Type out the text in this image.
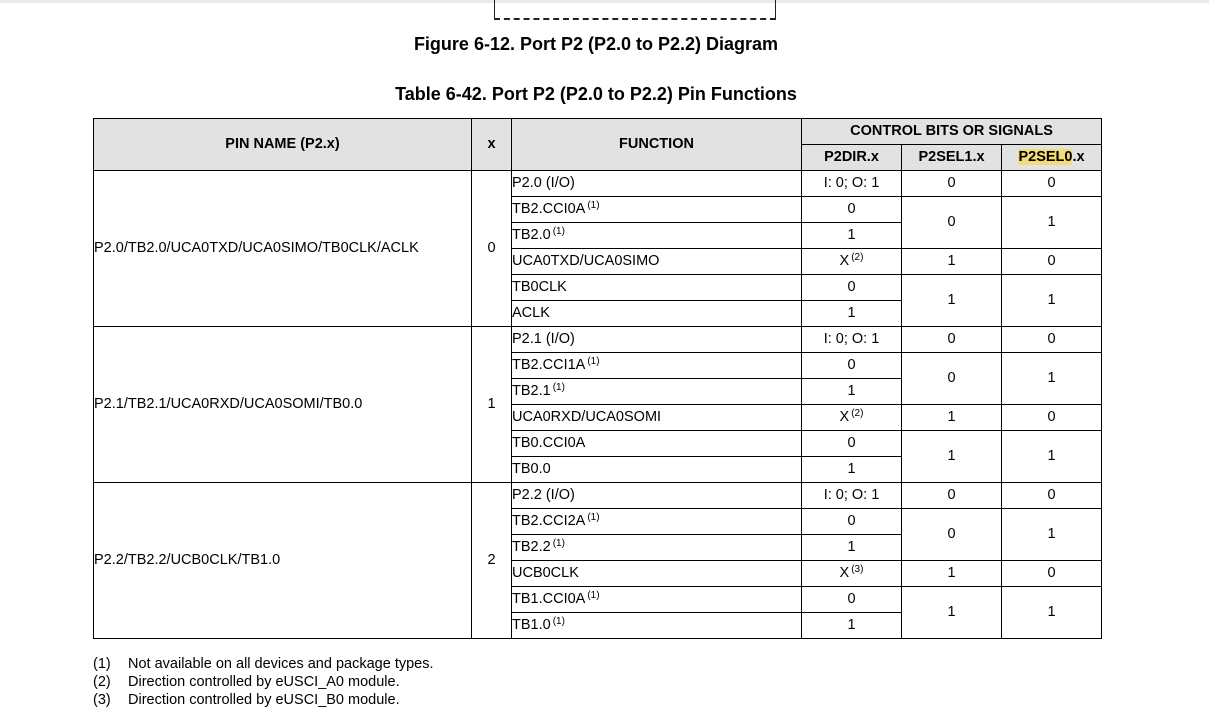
Figure 6-12. Port P2 (P2.0 to P2.2) Diagram
Table 6-42. Port P2 (P2.0 to P2.2) Pin Functions
PIN NAME (P2.x)	x	FUNCTION	CONTROL BITS OR SIGNALS		
			P2DIR.x	P2SEL1.x	P2SEL0.x
P2.0/TB2.0/UCA0TXD/UCA0SIMO/TB0CLK/ACLK	0	P2.0 (I/O)	I: 0; O: 1	0	0
		TB2.CCI0A $^{(1)}$	0	0	1
		TB2.0 $^{(1)}$	1		
		UCA0TXD/UCA0SIMO	X $^{(2)}$	1	0
		TB0CLK	0	1	1
		ACLK	1		
P2.1/TB2.1/UCA0RXD/UCA0SOMI/TB0.0	1	P2.1 (I/O)	I: 0; O: 1	0	0
		TB2.CCI1A $^{(1)}$	0	0	1
		TB2.1 $^{(1)}$	1		
		UCA0RXD/UCA0SOMI	X $^{(2)}$	1	0
		TB0.CCI0A	0	1	1
		TB0.0	1		
P2.2/TB2.2/UCB0CLK/TB1.0	2	P2.2 (I/O)	I: 0; O: 1	0	0
		TB2.CCI2A $^{(1)}$	0	0	1
		TB2.2 $^{(1)}$	1		
		UCB0CLK	X $^{(3)}$	1	0
		TB1.CCI0A $^{(1)}$	0	1	1
		TB1.0 $^{(1)}$	1		
(1) Not available on all devices and package types.
(2) Direction controlled by eUSCI_A0 module.
(3) Direction controlled by eUSCI_B0 module.
